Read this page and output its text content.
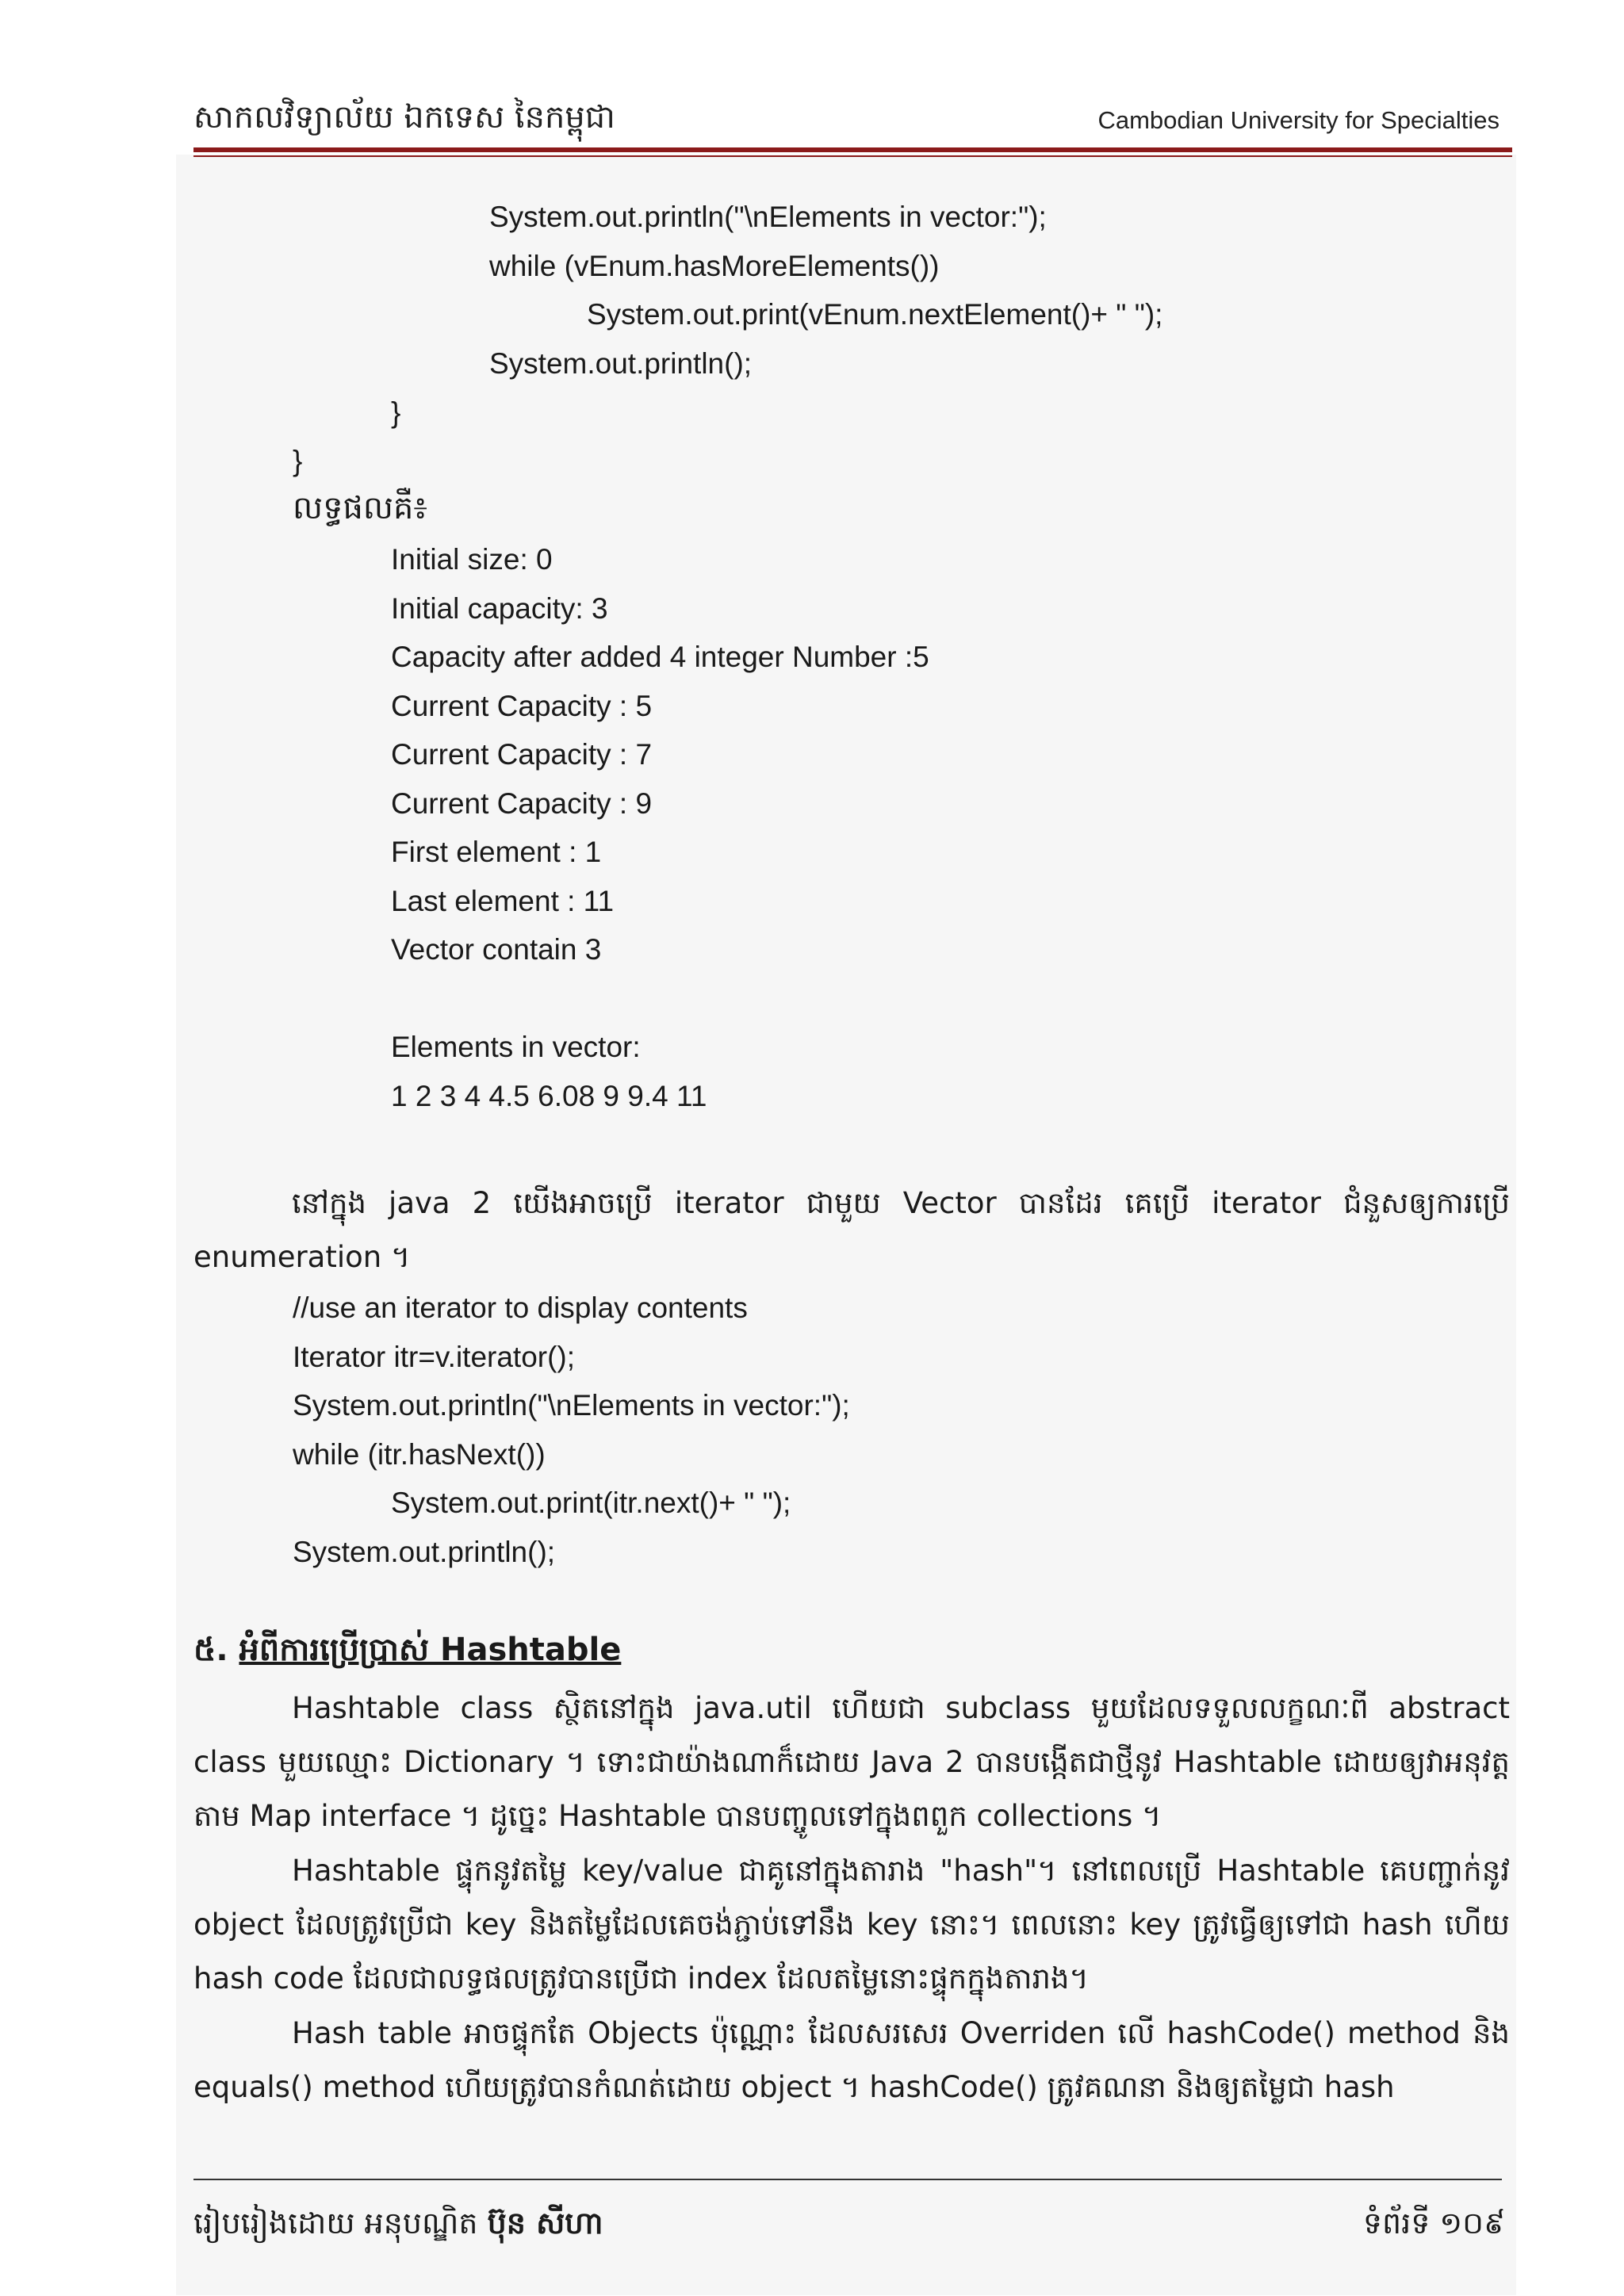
សាកលវិទ្យាល័យ ឯកទេស នៃកម្ពុជា	Cambodian University for Specialties
System.out.println("\nElements in vector:");
while (vEnum.hasMoreElements())
System.out.print(vEnum.nextElement()+ " ");
System.out.println();
}
}
លទ្ធផលគឺ៖
Initial size: 0
Initial capacity: 3
Capacity after added 4 integer Number :5
Current Capacity : 5
Current Capacity : 7
Current Capacity : 9
First element : 1
Last element : 11
Vector contain 3
Elements in vector:
1 2 3 4 4.5 6.08 9 9.4 11
នៅក្នុង java 2 យើងអាចប្រើ iterator ជាមួយ Vector បានដែរ គេប្រើ iterator ជំនួសឲ្យការប្រើ enumeration ។
//use an iterator to display contents
Iterator itr=v.iterator();
System.out.println("\nElements in vector:");
while (itr.hasNext())
System.out.print(itr.next()+ " ");
System.out.println();
៥. អំពីការប្រើប្រាស់ Hashtable
Hashtable class ស្ថិតនៅក្នុង java.util ហើយជា subclass មួយដែលទទួលលក្ខណៈពី abstract class មួយឈ្មោះ Dictionary ។ ទោះជាយ៉ាងណាក៏ដោយ Java 2 បានបង្កើតជាថ្មីនូវ Hashtable ដោយឲ្យវាអនុវត្តតាម Map interface ។ ដូច្នេះ Hashtable បានបញ្ចូលទៅក្នុងពពួក collections ។
Hashtable ផ្ទុកនូវតម្លៃ key/value ជាគូនៅក្នុងតារាង "hash"។ នៅពេលប្រើ Hashtable គេបញ្ជាក់នូវ object ដែលត្រូវប្រើជា key និងតម្លៃដែលគេចង់ភ្ជាប់ទៅនឹង key នោះ។ ពេលនោះ key ត្រូវធ្វើឲ្យទៅជា hash ហើយ hash code ដែលជាលទ្ធផលត្រូវបានប្រើជា index ដែលតម្លៃនោះផ្ទុកក្នុងតារាង។
Hash table អាចផ្ទុកតែ Objects ប៉ុណ្ណោះ ដែលសរសេរ Overriden លើ hashCode() method និង equals() method ហើយត្រូវបានកំណត់ដោយ object ។ hashCode() ត្រូវគណនា និងឲ្យតម្លៃជា hash
រៀបរៀងដោយ អនុបណ្ឌិត ប៊ុន សីហា	ទំព័រទី ១០៩
